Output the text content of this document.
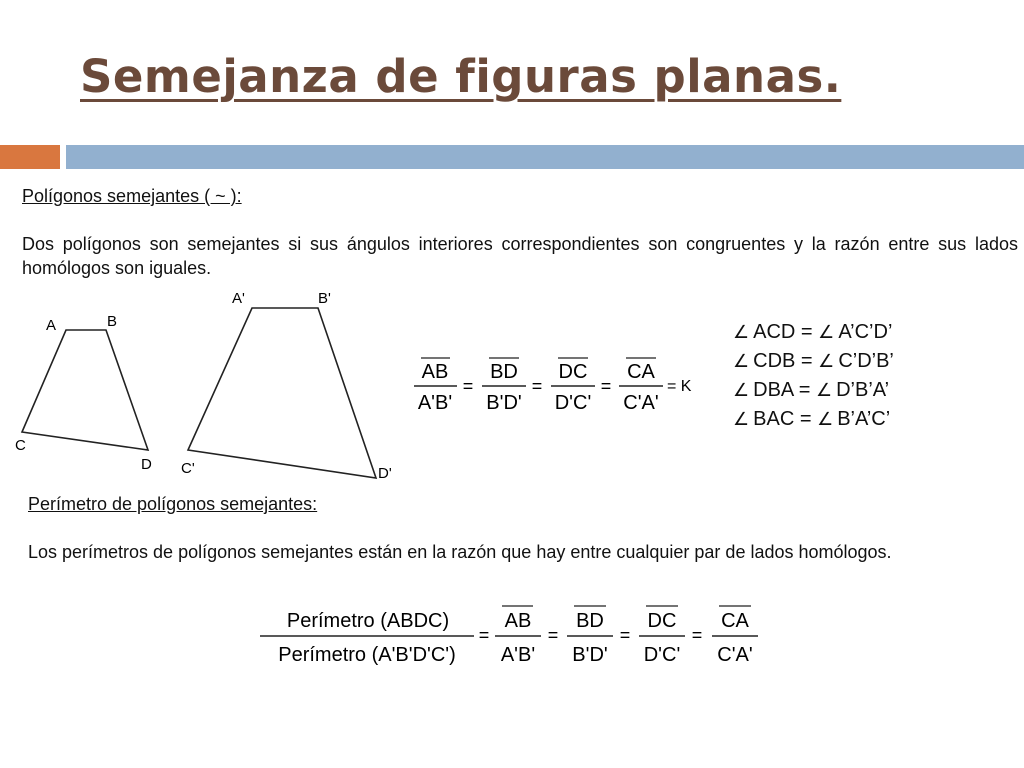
Semejanza de figuras planas.
Polígonos semejantes ( ~ ):
Dos polígonos son semejantes si sus ángulos interiores correspondientes son congruentes y la razón entre sus lados homólogos son iguales.
A	B
C
D
A'	B'
C'	D'
AB
A'B'
=
BD
B'D'
=
DC
D'C'
=
CA
C'A'
= K
Perímetro (ABDC)
Perímetro (A'B'D'C')
=
AB
A'B'
=
BD
B'D'
=
DC
D'C'
=
CA
C'A'
∠ ACD = ∠ A’C’D’
∠ CDB = ∠ C’D’B’
∠ DBA = ∠ D’B’A’
∠ BAC = ∠ B’A’C’
Perímetro de polígonos semejantes:
Los perímetros de polígonos semejantes están en la razón que hay entre cualquier par de lados homólogos.
